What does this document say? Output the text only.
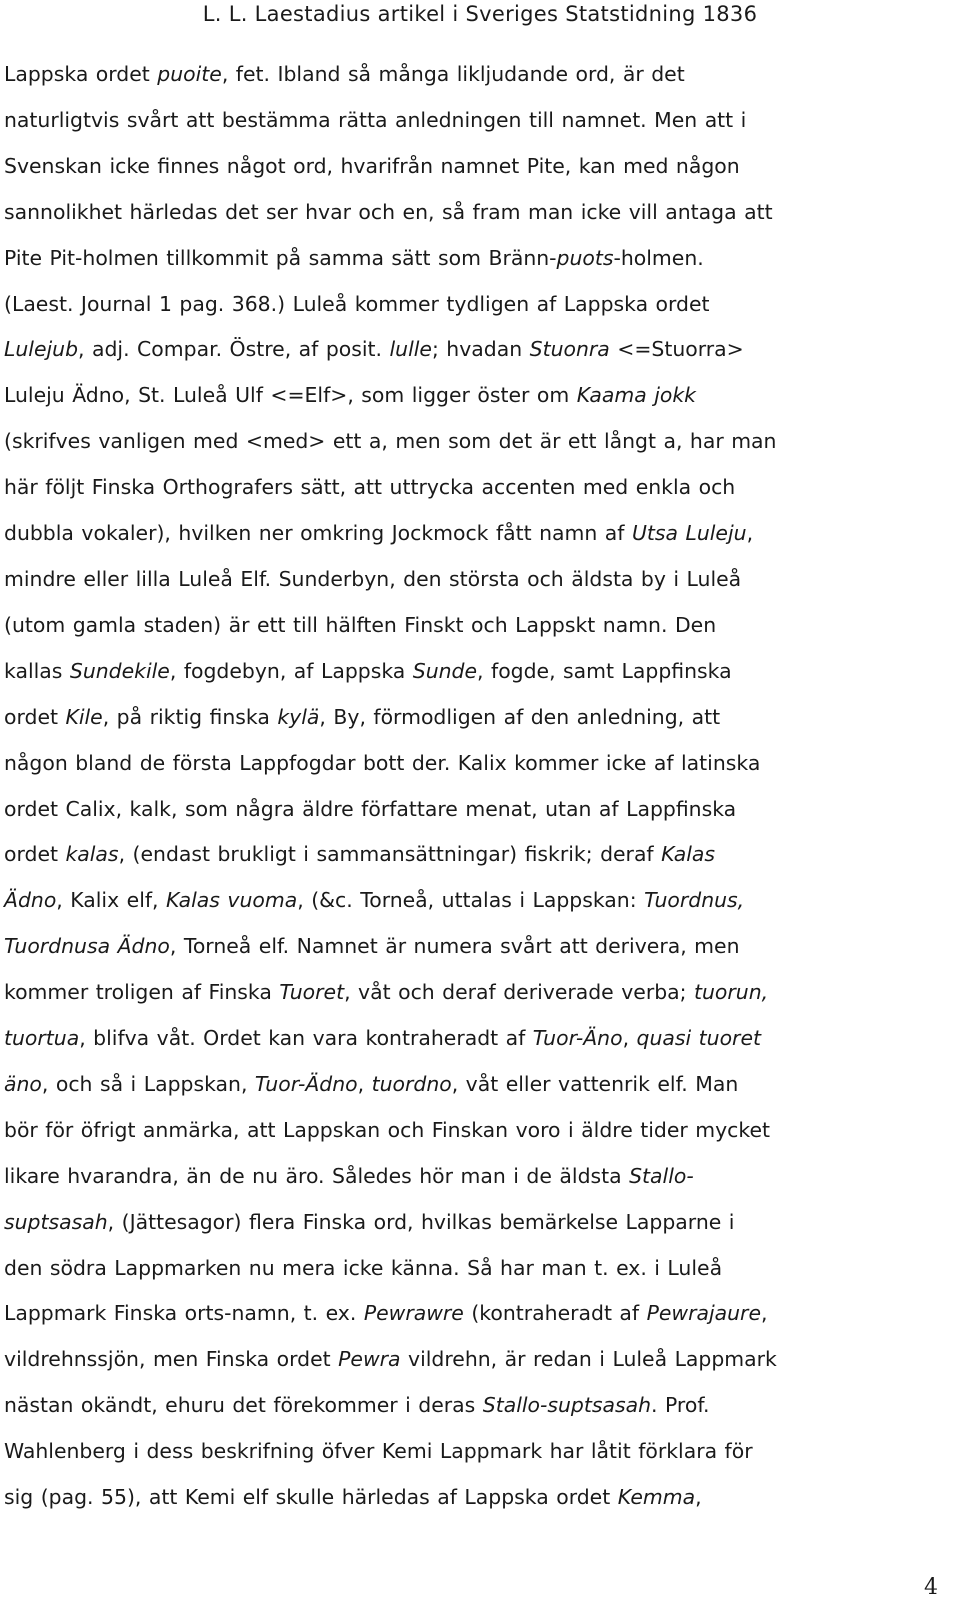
L. L. Laestadius artikel i Sveriges Statstidning 1836
Lappska ordet puoite, fet. Ibland så många likljudande ord, är det
naturligtvis svårt att bestämma rätta anledningen till namnet. Men att i
Svenskan icke finnes något ord, hvarifrån namnet Pite, kan med någon
sannolikhet härledas det ser hvar och en, så fram man icke vill antaga att
Pite Pit-holmen tillkommit på samma sätt som Bränn-puots-holmen.
(Laest. Journal 1 pag. 368.) Luleå kommer tydligen af Lappska ordet
Lulejub, adj. Compar. Östre, af posit. lulle; hvadan Stuonra <=Stuorra>
Luleju Ädno, St. Luleå Ulf <=Elf>, som ligger öster om Kaama jokk
(skrifves vanligen med <med> ett a, men som det är ett långt a, har man
här följt Finska Orthografers sätt, att uttrycka accenten med enkla och
dubbla vokaler), hvilken ner omkring Jockmock fått namn af Utsa Luleju,
mindre eller lilla Luleå Elf. Sunderbyn, den största och äldsta by i Luleå
(utom gamla staden) är ett till hälften Finskt och Lappskt namn. Den
kallas Sundekile, fogdebyn, af Lappska Sunde, fogde, samt Lappfinska
ordet Kile, på riktig finska kylä, By, förmodligen af den anledning, att
någon bland de första Lappfogdar bott der. Kalix kommer icke af latinska
ordet Calix, kalk, som några äldre författare menat, utan af Lappfinska
ordet kalas, (endast brukligt i sammansättningar) fiskrik; deraf Kalas
Ädno, Kalix elf, Kalas vuoma, (&c. Torneå, uttalas i Lappskan: Tuordnus,
Tuordnusa Ädno, Torneå elf. Namnet är numera svårt att derivera, men
kommer troligen af Finska Tuoret, våt och deraf deriverade verba; tuorun,
tuortua, blifva våt. Ordet kan vara kontraheradt af Tuor-Äno, quasi tuoret
äno, och så i Lappskan, Tuor-Ädno, tuordno, våt eller vattenrik elf. Man
bör för öfrigt anmärka, att Lappskan och Finskan voro i äldre tider mycket
likare hvarandra, än de nu äro. Således hör man i de äldsta Stallo-
suptsasah, (Jättesagor) flera Finska ord, hvilkas bemärkelse Lapparne i
den södra Lappmarken nu mera icke känna. Så har man t. ex. i Luleå
Lappmark Finska orts-namn, t. ex. Pewrawre (kontraheradt af Pewrajaure,
vildrehnssjön, men Finska ordet Pewra vildrehn, är redan i Luleå Lappmark
nästan okändt, ehuru det förekommer i deras Stallo-suptsasah. Prof.
Wahlenberg i dess beskrifning öfver Kemi Lappmark har låtit förklara för
sig (pag. 55), att Kemi elf skulle härledas af Lappska ordet Kemma,
4
